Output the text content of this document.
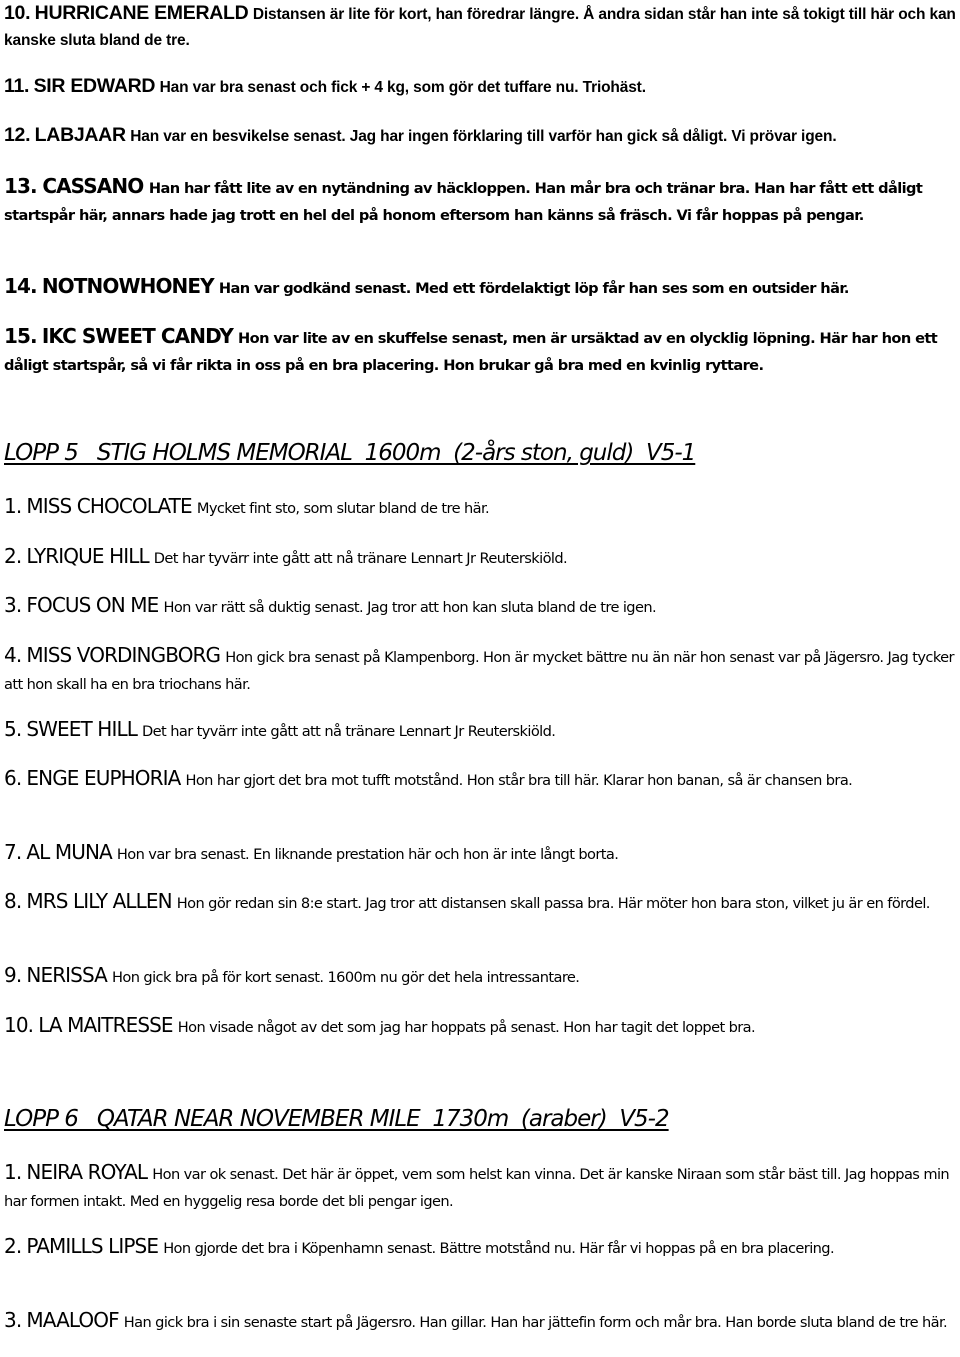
10. HURRICANE EMERALD Distansen är lite för kort, han föredrar längre. Å andra sidan står han inte så tokigt till här och kan kanske sluta bland de tre.

11. SIR EDWARD Han var bra senast och fick + 4 kg, som gör det tuffare nu. Triohäst.

12. LABJAAR Han var en besvikelse senast. Jag har ingen förklaring till varför han gick så dåligt. Vi prövar igen.

13. CASSANO Han har fått lite av en nytändning av häckloppen. Han mår bra och tränar bra. Han har fått ett dåligt startspår här, annars hade jag trott en hel del på honom eftersom han känns så fräsch. Vi får hoppas på pengar.

14. NOTNOWHONEY Han var godkänd senast. Med ett fördelaktigt löp får han ses som en outsider här.

15. IKC SWEET CANDY Hon var lite av en skuffelse senast, men är ursäktad av en olycklig löpning. Här har hon ett dåligt startspår, så vi får rikta in oss på en bra placering. Hon brukar gå bra med en kvinlig ryttare.

LOPP 5   STIG HOLMS MEMORIAL  1600m  (2-års ston, guld)  V5-1

1. MISS CHOCOLATE Mycket fint sto, som slutar bland de tre här.

2. LYRIQUE HILL Det har tyvärr inte gått att nå tränare Lennart Jr Reuterskiöld.

3. FOCUS ON ME Hon var rätt så duktig senast. Jag tror att hon kan sluta bland de tre igen.

4. MISS VORDINGBORG Hon gick bra senast på Klampenborg. Hon är mycket bättre nu än när hon senast var på Jägersro. Jag tycker att hon skall ha en bra triochans här.

5. SWEET HILL Det har tyvärr inte gått att nå tränare Lennart Jr Reuterskiöld.

6. ENGE EUPHORIA Hon har gjort det bra mot tufft motstånd. Hon står bra till här. Klarar hon banan, så är chansen bra.

7. AL MUNA Hon var bra senast. En liknande prestation här och hon är inte långt borta.

8. MRS LILY ALLEN Hon gör redan sin 8:e start. Jag tror att distansen skall passa bra. Här möter hon bara ston, vilket ju är en fördel.

9. NERISSA Hon gick bra på för kort senast. 1600m nu gör det hela intressantare.

10. LA MAITRESSE Hon visade något av det som jag har hoppats på senast. Hon har tagit det loppet bra.

LOPP 6   QATAR NEAR NOVEMBER MILE  1730m  (araber)  V5-2

1. NEIRA ROYAL Hon var ok senast. Det här är öppet, vem som helst kan vinna. Det är kanske Niraan som står bäst till. Jag hoppas min har formen intakt. Med en hyggelig resa borde det bli pengar igen.

2. PAMILLS LIPSE Hon gjorde det bra i Köpenhamn senast. Bättre motstånd nu. Här får vi hoppas på en bra placering.

3. MAALOOF Han gick bra i sin senaste start på Jägersro. Han gillar. Han har jättefin form och mår bra. Han borde sluta bland de tre här.
